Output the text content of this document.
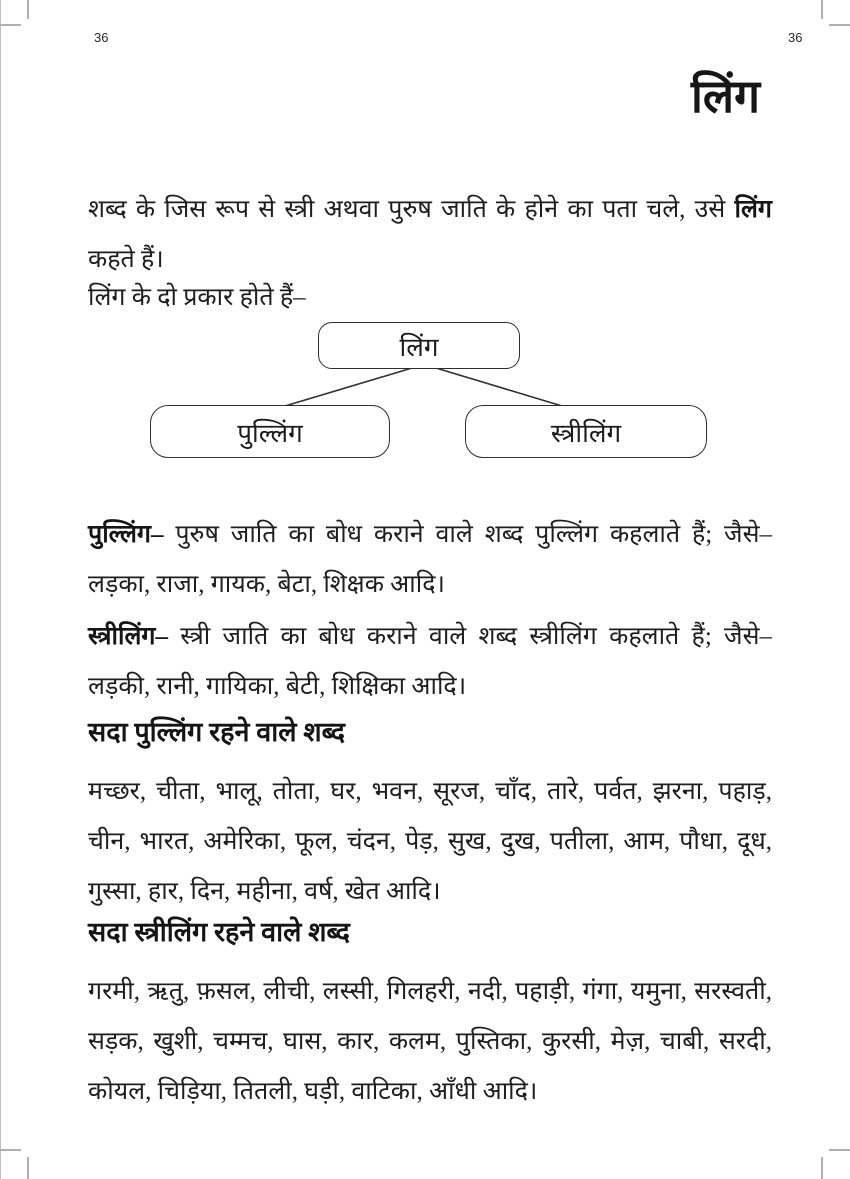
36	36
लिंग

शब्द के जिस रूप से स्त्री अथवा पुरुष जाति के होने का पता चले, उसे लिंग कहते हैं।

लिंग के दो प्रकार होते हैं–

लिंग
पुल्लिंग	स्त्रीलिंग

पुल्लिंग– पुरुष जाति का बोध कराने वाले शब्द पुल्लिंग कहलाते हैं; जैसे– लड़का, राजा, गायक, बेटा, शिक्षक आदि।

स्त्रीलिंग– स्त्री जाति का बोध कराने वाले शब्द स्त्रीलिंग कहलाते हैं; जैसे– लड़की, रानी, गायिका, बेटी, शिक्षिका आदि।

सदा पुल्लिंग रहने वाले शब्द

मच्छर, चीता, भालू, तोता, घर, भवन, सूरज, चाँद, तारे, पर्वत, झरना, पहाड़, चीन, भारत, अमेरिका, फूल, चंदन, पेड़, सुख, दुख, पतीला, आम, पौधा, दूध, गुस्सा, हार, दिन, महीना, वर्ष, खेत आदि।

सदा स्त्रीलिंग रहने वाले शब्द

गरमी, ऋतु, फ़सल, लीची, लस्सी, गिलहरी, नदी, पहाड़ी, गंगा, यमुना, सरस्वती, सड़क, खुशी, चम्मच, घास, कार, कलम, पुस्तिका, कुरसी, मेज़, चाबी, सरदी, कोयल, चिड़िया, तितली, घड़ी, वाटिका, आँधी आदि।
